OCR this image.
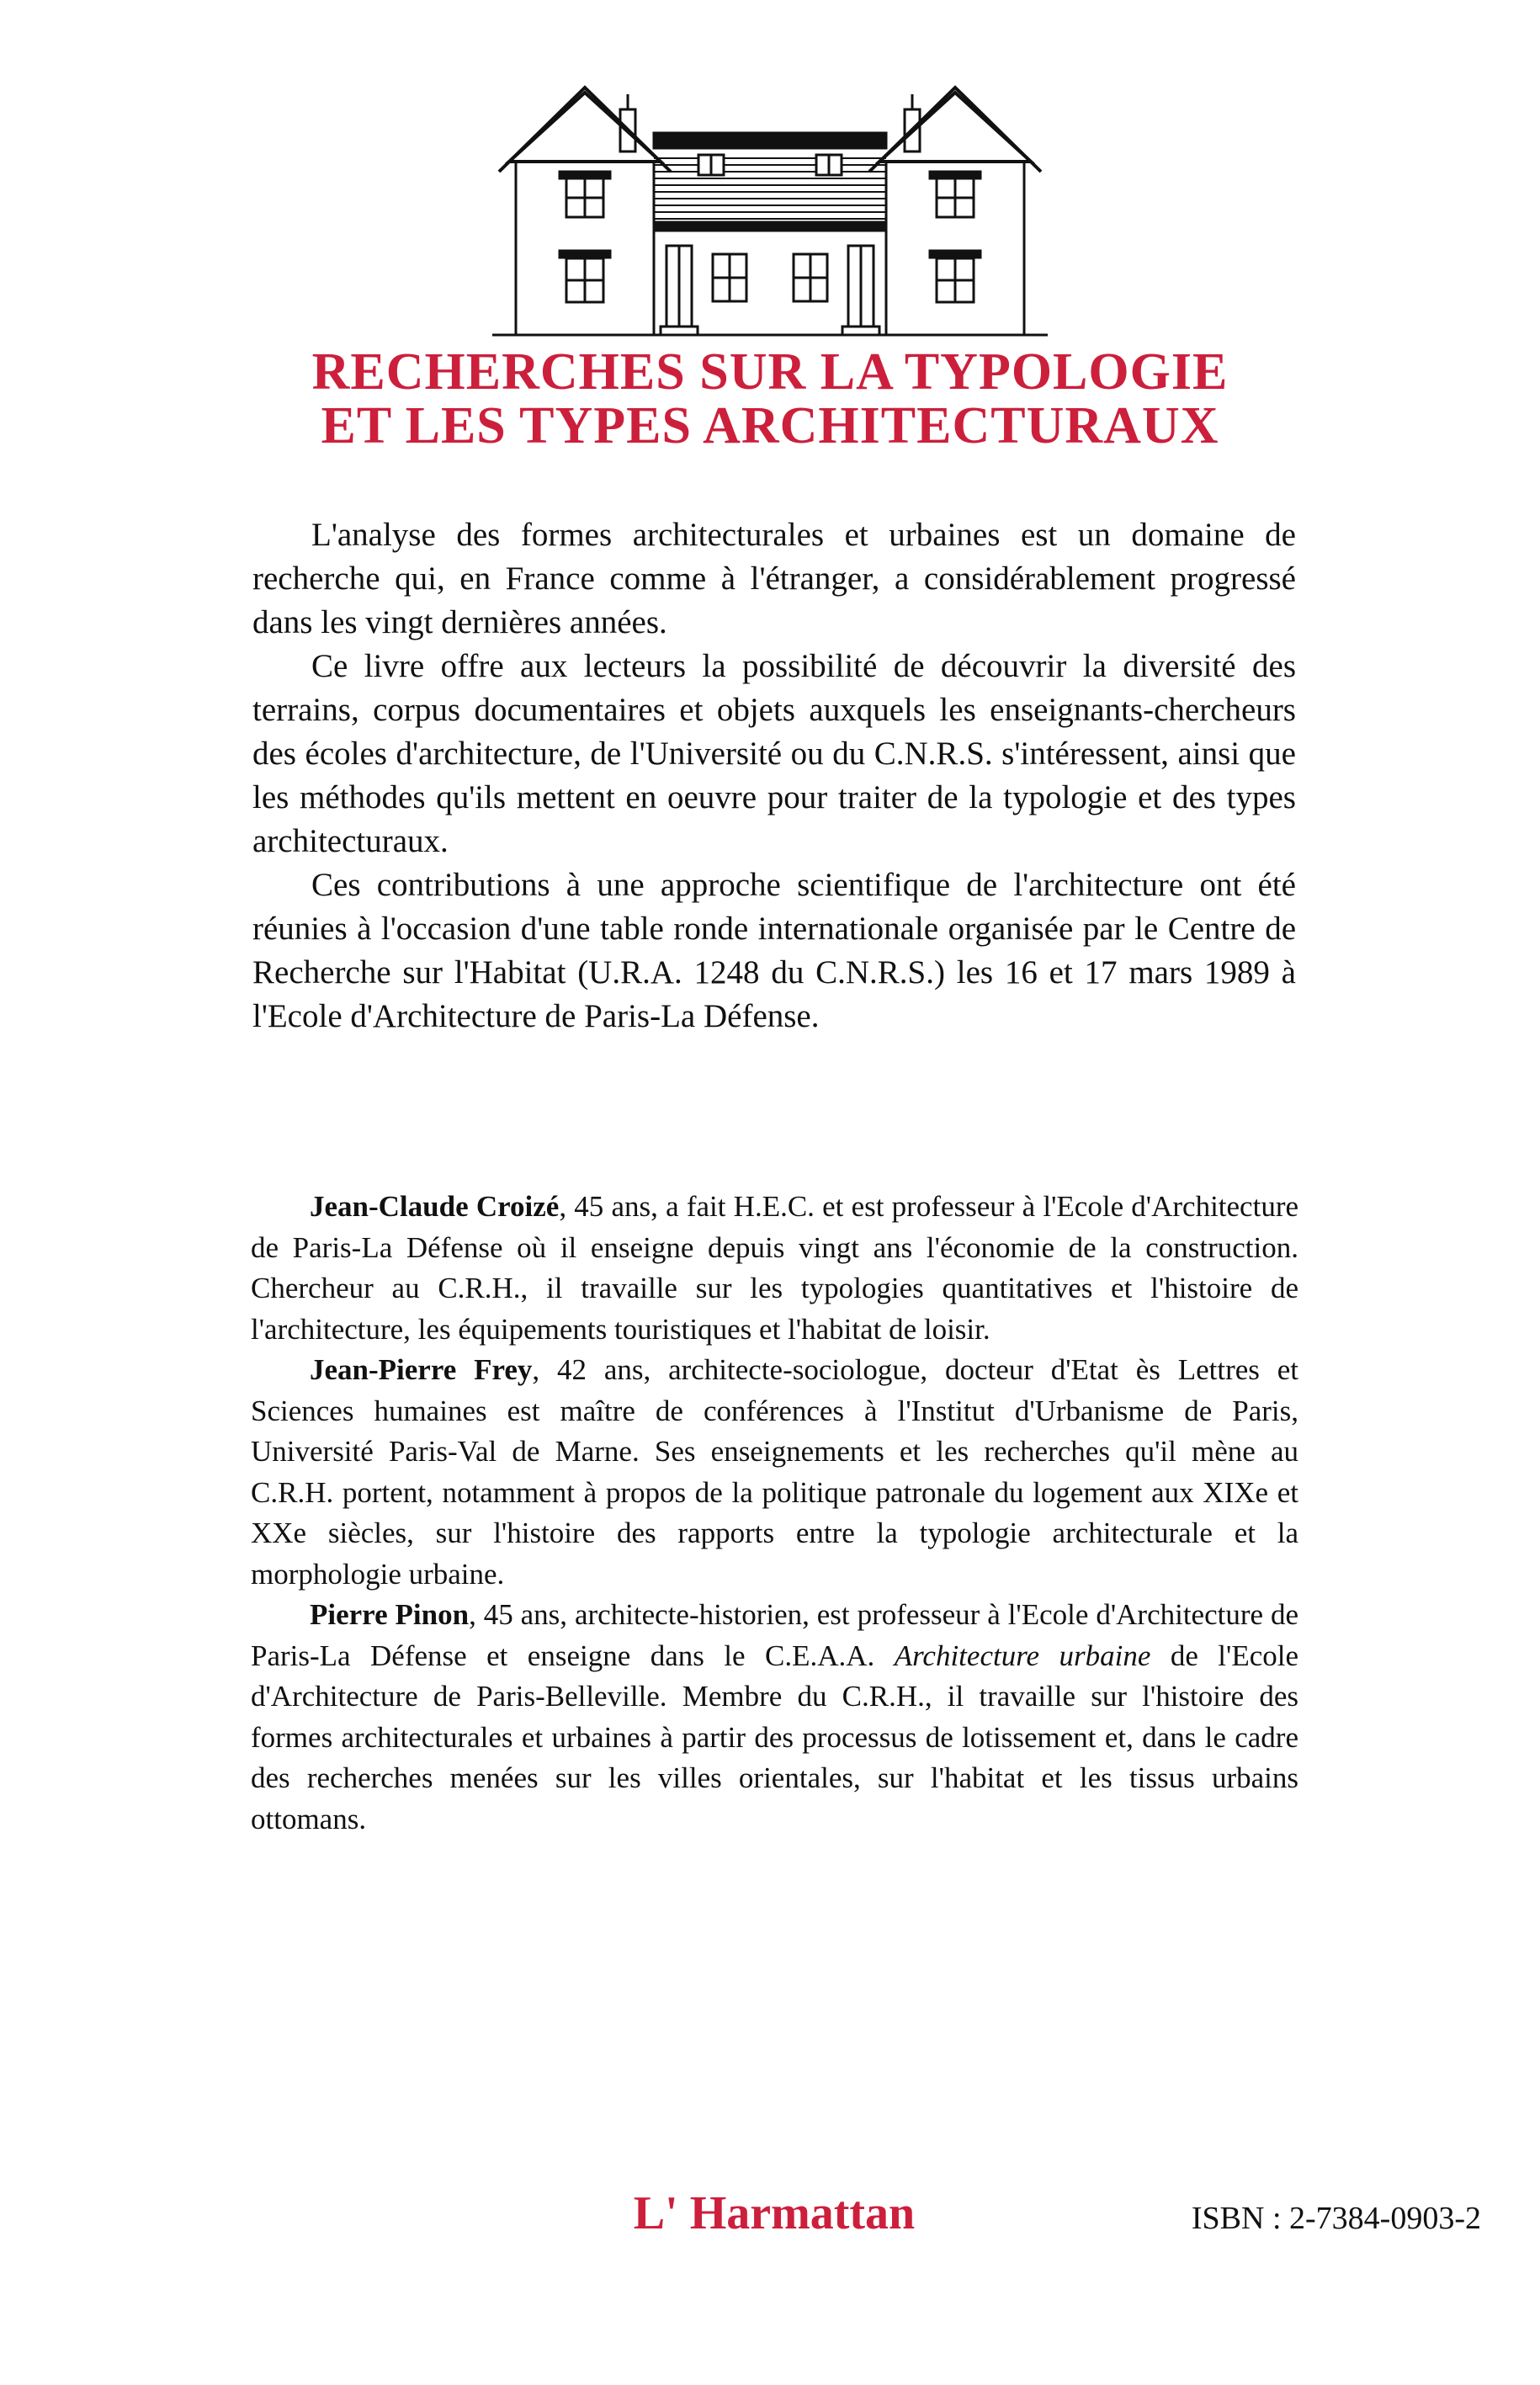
RECHERCHES SUR LA TYPOLOGIE
ET LES TYPES ARCHITECTURAUX

L'analyse des formes architecturales et urbaines est un domaine de recherche qui, en France comme à l'étranger, a considérablement progressé dans les vingt dernières années.

Ce livre offre aux lecteurs la possibilité de découvrir la diversité des terrains, corpus documentaires et objets auxquels les enseignants-chercheurs des écoles d'architecture, de l'Université ou du C.N.R.S. s'intéressent, ainsi que les méthodes qu'ils mettent en oeuvre pour traiter de la typologie et des types architecturaux.

Ces contributions à une approche scientifique de l'architecture ont été réunies à l'occasion d'une table ronde internationale organisée par le Centre de Recherche sur l'Habitat (U.R.A. 1248 du C.N.R.S.) les 16 et 17 mars 1989 à l'Ecole d'Architecture de Paris-La Défense.

Jean-Claude Croizé, 45 ans, a fait H.E.C. et est professeur à l'Ecole d'Architecture de Paris-La Défense où il enseigne depuis vingt ans l'économie de la construction. Chercheur au C.R.H., il travaille sur les typologies quantitatives et l'histoire de l'architecture, les équipements touristiques et l'habitat de loisir.

Jean-Pierre Frey, 42 ans, architecte-sociologue, docteur d'Etat ès Lettres et Sciences humaines est maître de conférences à l'Institut d'Urbanisme de Paris, Université Paris-Val de Marne. Ses enseignements et les recherches qu'il mène au C.R.H. portent, notamment à propos de la politique patronale du logement aux XIXe et XXe siècles, sur l'histoire des rapports entre la typologie architecturale et la morphologie urbaine.

Pierre Pinon, 45 ans, architecte-historien, est professeur à l'Ecole d'Architecture de Paris-La Défense et enseigne dans le C.E.A.A. Architecture urbaine de l'Ecole d'Architecture de Paris-Belleville. Membre du C.R.H., il travaille sur l'histoire des formes architecturales et urbaines à partir des processus de lotissement et, dans le cadre des recherches menées sur les villes orientales, sur l'habitat et les tissus urbains ottomans.

L' Harmattan	ISBN : 2-7384-0903-2
